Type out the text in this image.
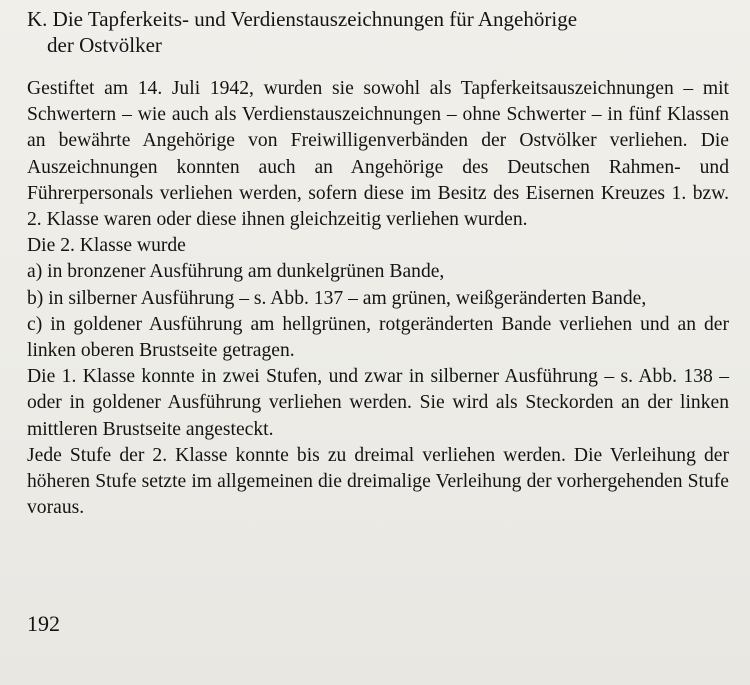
K. Die Tapferkeits- und Verdienstauszeichnungen für Angehörige
der Ostvölker

Gestiftet am 14. Juli 1942, wurden sie sowohl als Tapferkeitsauszeichnungen – mit Schwertern – wie auch als Verdienstauszeichnungen – ohne Schwerter – in fünf Klassen an bewährte Angehörige von Freiwilligenverbänden der Ostvölker verliehen. Die Auszeichnungen konnten auch an Angehörige des Deutschen Rahmen- und Führerpersonals verliehen werden, sofern diese im Besitz des Eisernen Kreuzes 1. bzw. 2. Klasse waren oder diese ihnen gleichzeitig verliehen wurden.

Die 2. Klasse wurde

a) in bronzener Ausführung am dunkelgrünen Bande,

b) in silberner Ausführung – s. Abb. 137 – am grünen, weißgeränderten Bande,

c) in goldener Ausführung am hellgrünen, rotgeränderten Bande verliehen und an der linken oberen Brustseite getragen.

Die 1. Klasse konnte in zwei Stufen, und zwar in silberner Ausführung – s. Abb. 138 – oder in goldener Ausführung verliehen werden. Sie wird als Steckorden an der linken mittleren Brustseite angesteckt.

Jede Stufe der 2. Klasse konnte bis zu dreimal verliehen werden. Die Verleihung der höheren Stufe setzte im allgemeinen die dreimalige Verleihung der vorhergehenden Stufe voraus.

192
